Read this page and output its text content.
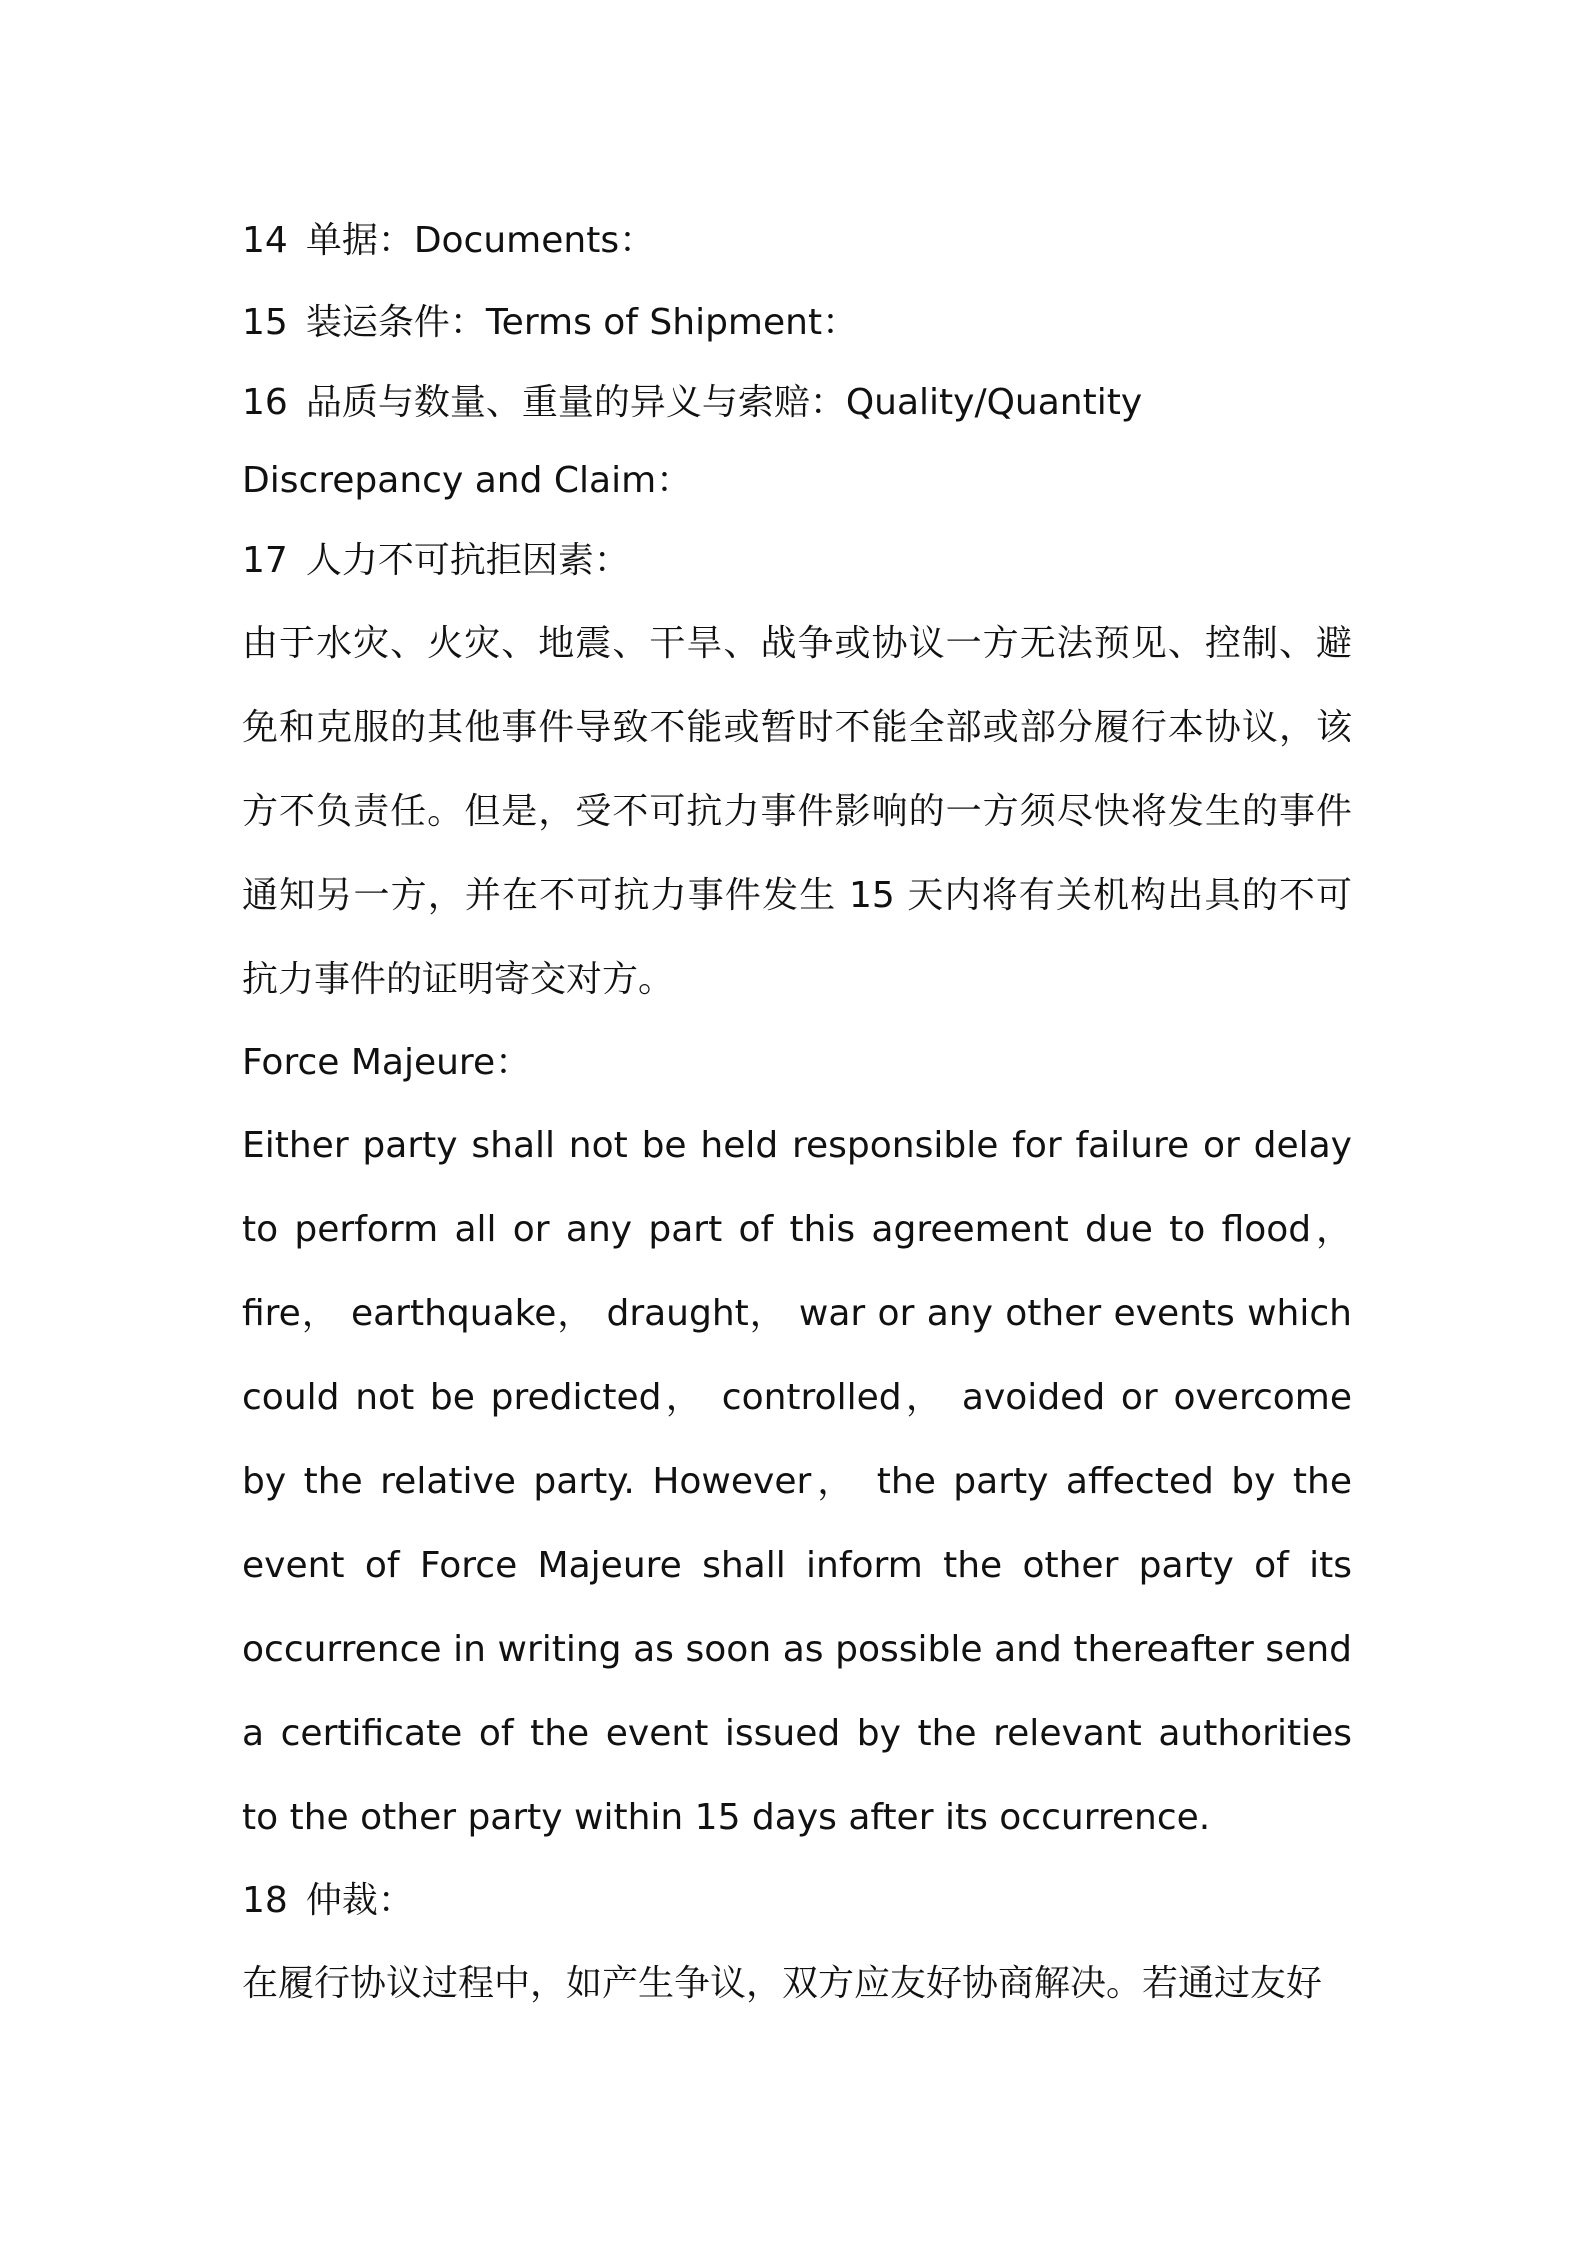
14 单据：Documents：

15 装运条件：Terms of Shipment：

16 品质与数量、重量的异义与索赔：Quality/Quantity Discrepancy and Claim：

17 人力不可抗拒因素：

由于水灾、火灾、地震、干旱、战争或协议一方无法预见、控制、避免和克服的其他事件导致不能或暂时不能全部或部分履行本协议，该方不负责任。但是，受不可抗力事件影响的一方须尽快将发生的事件通知另一方，并在不可抗力事件发生 15 天内将有关机构出具的不可抗力事件的证明寄交对方。

Force Majeure：

Either party shall not be held responsible for failure or delay to perform all or any part of this agreement due to flood， fire， earthquake， draught， war or any other events which could not be predicted， controlled， avoided or overcome by the relative party. However， the party affected by the event of Force Majeure shall inform the other party of its occurrence in writing as soon as possible and thereafter send a certificate of the event issued by the relevant authorities to the other party within 15 days after its occurrence.

18 仲裁：

在履行协议过程中，如产生争议，双方应友好协商解决。若通过友好
